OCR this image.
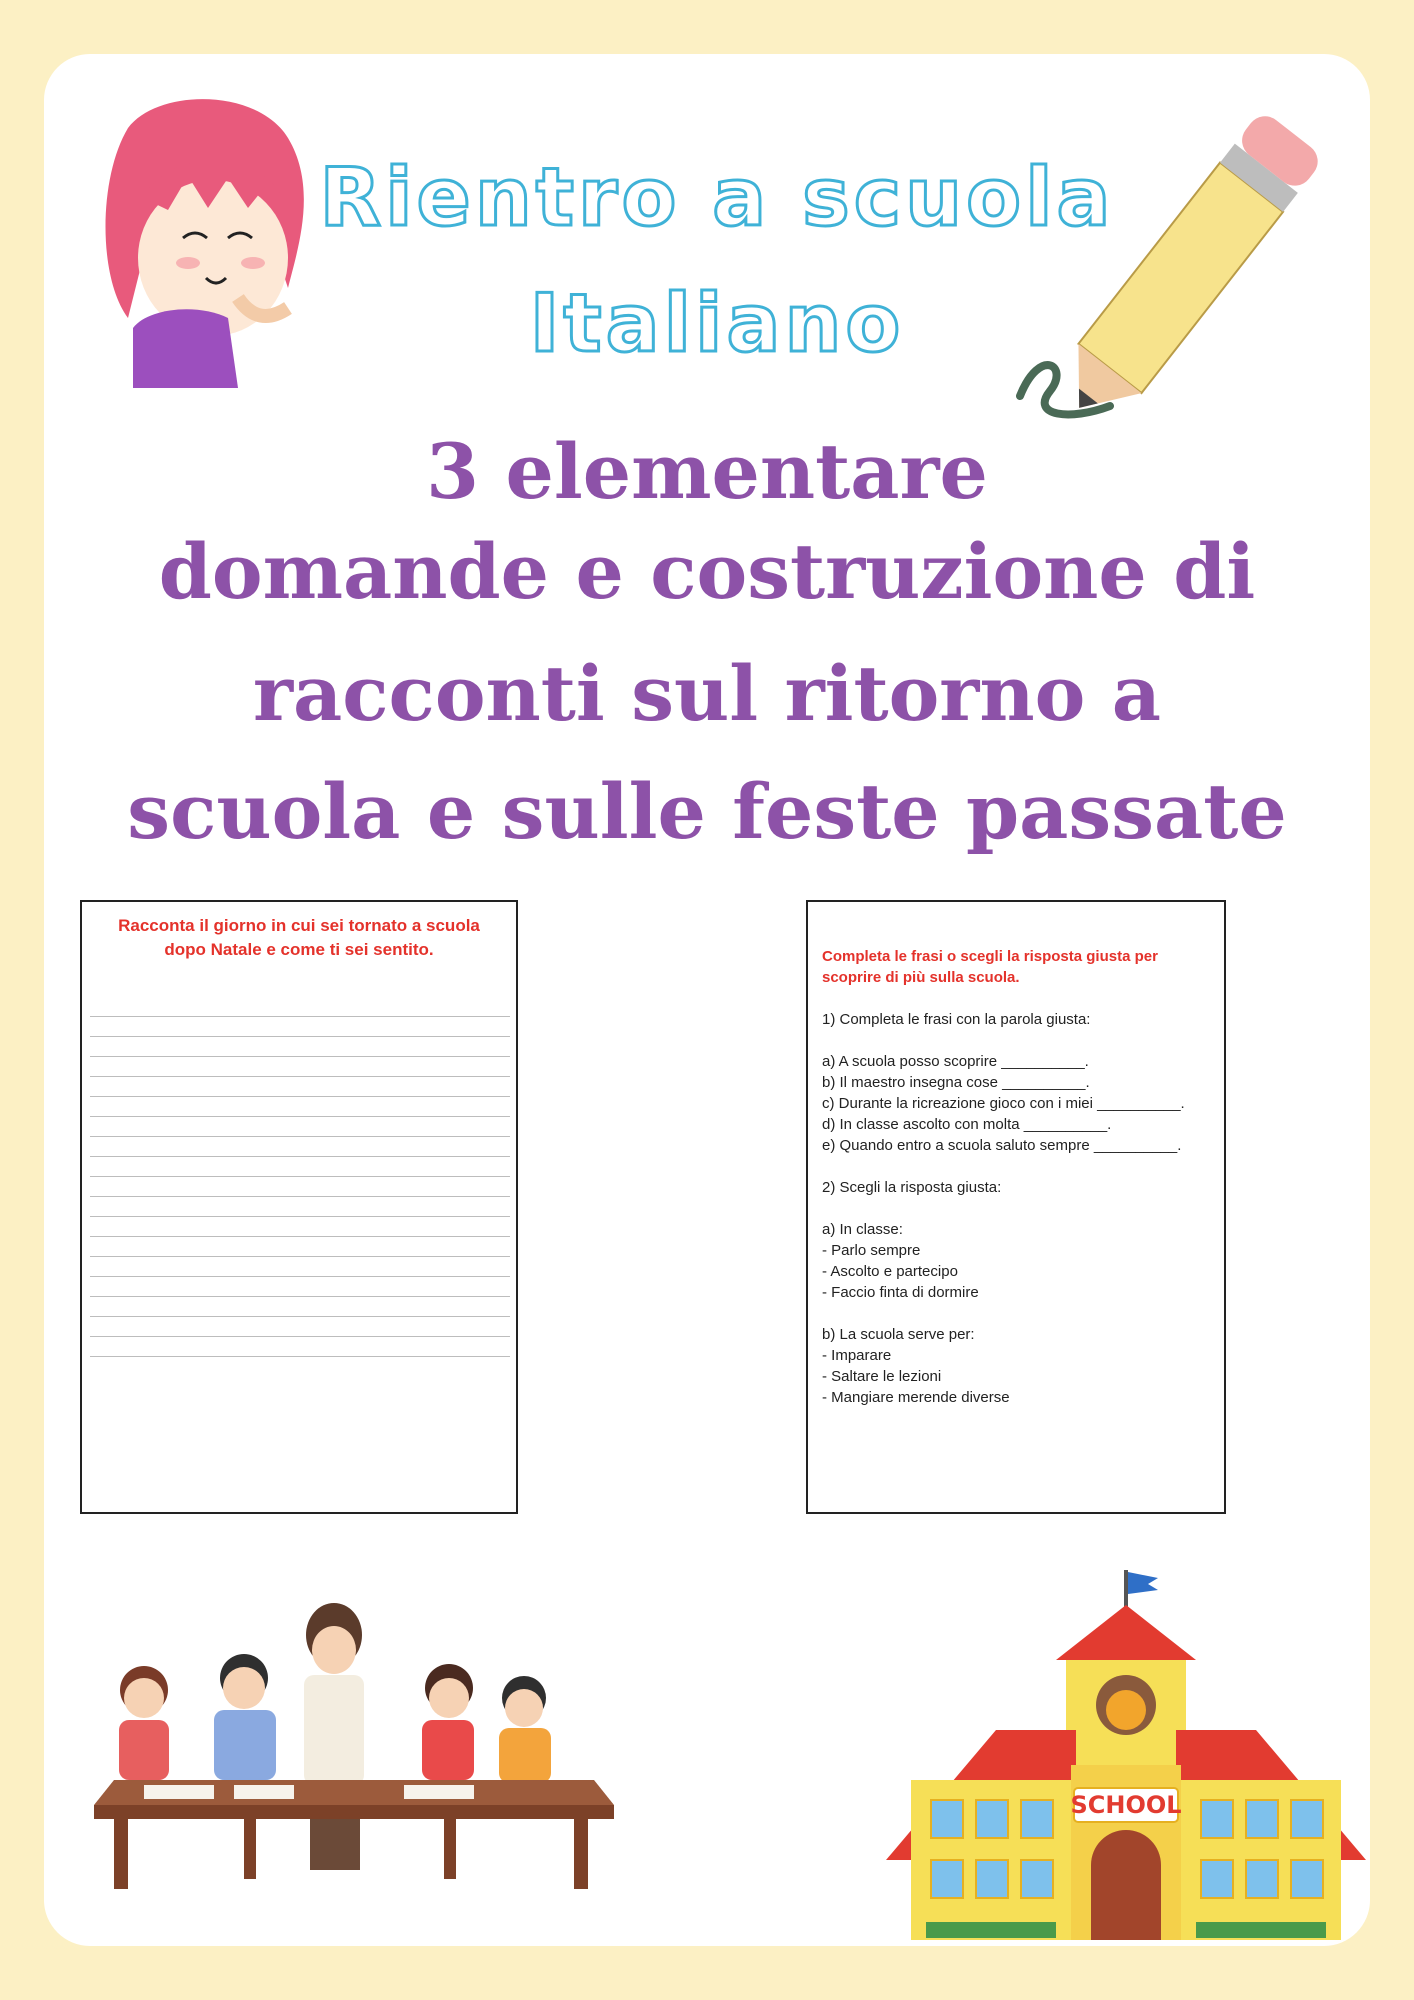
Rientro a scuola
Italiano
3 elementare
domande e costruzione di
racconti sul ritorno a
scuola e sulle feste passate
Racconta il giorno in cui sei tornato a scuola dopo Natale e come ti sei sentito.	Completa le frasi o scegli la risposta giusta per scoprire di più sulla scuola.
1) Completa le frasi con la parola giusta:
a) A scuola posso scoprire __________.
b) Il maestro insegna cose __________.
c) Durante la ricreazione gioco con i miei __________.
d) In classe ascolto con molta __________.
e) Quando entro a scuola saluto sempre __________.
2) Scegli la risposta giusta:
a) In classe:
- Parlo sempre
- Ascolto e partecipo
- Faccio finta di dormire
b) La scuola serve per:
- Imparare
- Saltare le lezioni
- Mangiare merende diverse
SCHOOL
